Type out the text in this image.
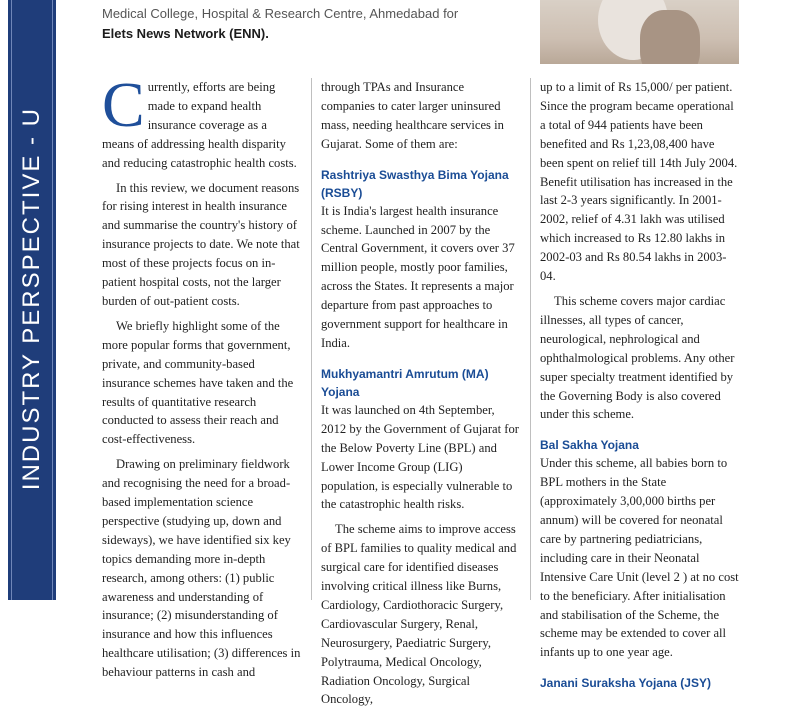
INDUSTRY PERSPECTIVE - U
Medical College, Hospital & Research Centre, Ahmedabad for
Elets News Network (ENN).

Currently, efforts are being made to expand health insurance coverage as a means of addressing health disparity and reducing catastrophic health costs.

In this review, we document reasons for rising interest in health insurance and summarise the country's history of insurance projects to date. We note that most of these projects focus on in-patient hospital costs, not the larger burden of out-patient costs.

We briefly highlight some of the more popular forms that government, private, and community-based insurance schemes have taken and the results of quantitative research conducted to assess their reach and cost-effectiveness.

Drawing on preliminary fieldwork and recognising the need for a broad-based implementation science perspective (studying up, down and sideways), we have identified six key topics demanding more in-depth research, among others: (1) public awareness and understanding of insurance; (2) misunderstanding of insurance and how this influences healthcare utilisation; (3) differences in behaviour patterns in cash and

through TPAs and Insurance companies to cater larger uninsured mass, needing healthcare services in Gujarat. Some of them are:

Rashtriya Swasthya Bima Yojana (RSBY)

It is India's largest health insurance scheme. Launched in 2007 by the Central Government, it covers over 37 million people, mostly poor families, across the States. It represents a major departure from past approaches to government support for healthcare in India.

Mukhyamantri Amrutum (MA) Yojana

It was launched on 4th September, 2012 by the Government of Gujarat for the Below Poverty Line (BPL) and Lower Income Group (LIG) population, is especially vulnerable to the catastrophic health risks.

The scheme aims to improve access of BPL families to quality medical and surgical care for identified diseases involving critical illness like Burns, Cardiology, Cardiothoracic Surgery, Cardiovascular Surgery, Renal, Neurosurgery, Paediatric Surgery, Polytrauma, Medical Oncology, Radiation Oncology, Surgical Oncology,

up to a limit of Rs 15,000/ per patient. Since the program became operational a total of 944 patients have been benefited and Rs 1,23,08,400 have been spent on relief till 14th July 2004. Benefit utilisation has increased in the last 2-3 years significantly. In 2001-2002, relief of 4.31 lakh was utilised which increased to Rs 12.80 lakhs in 2002-03 and Rs 80.54 lakhs in 2003-04.

This scheme covers major cardiac illnesses, all types of cancer, neurological, nephrological and ophthalmological problems. Any other super specialty treatment identified by the Governing Body is also covered under this scheme.

Bal Sakha Yojana

Under this scheme, all babies born to BPL mothers in the State (approximately 3,00,000 births per annum) will be covered for neonatal care by partnering pediatricians, including care in their Neonatal Intensive Care Unit (level 2 ) at no cost to the beneficiary. After initialisation and stabilisation of the Scheme, the scheme may be extended to cover all infants up to one year age.

Janani Suraksha Yojana (JSY)
